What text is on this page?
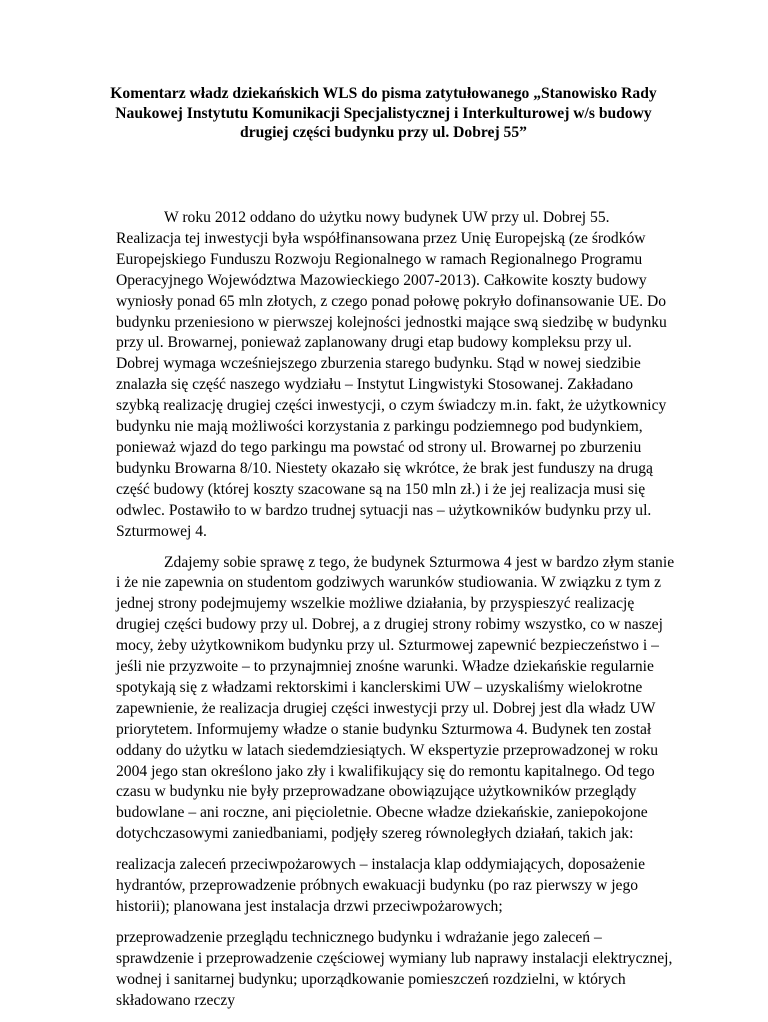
Komentarz władz dziekańskich WLS do pisma zatytułowanego „Stanowisko Rady Naukowej Instytutu Komunikacji Specjalistycznej i Interkulturowej w/s budowy drugiej części budynku przy ul. Dobrej 55”

W roku 2012 oddano do użytku nowy budynek UW przy ul. Dobrej 55. Realizacja tej inwestycji była współfinansowana przez Unię Europejską (ze środków Europejskiego Funduszu Rozwoju Regionalnego w ramach Regionalnego Programu Operacyjnego Województwa Mazowieckiego 2007-2013). Całkowite koszty budowy wyniosły ponad 65 mln złotych, z czego ponad połowę pokryło dofinansowanie UE. Do budynku przeniesiono w pierwszej kolejności jednostki mające swą siedzibę w budynku przy ul. Browarnej, ponieważ zaplanowany drugi etap budowy kompleksu przy ul. Dobrej wymaga wcześniejszego zburzenia starego budynku. Stąd w nowej siedzibie znalazła się część naszego wydziału – Instytut Lingwistyki Stosowanej. Zakładano szybką realizację drugiej części inwestycji, o czym świadczy m.in. fakt, że użytkownicy budynku nie mają możliwości korzystania z parkingu podziemnego pod budynkiem, ponieważ wjazd do tego parkingu ma powstać od strony ul. Browarnej po zburzeniu budynku Browarna 8/10. Niestety okazało się wkrótce, że brak jest funduszy na drugą część budowy (której koszty szacowane są na 150 mln zł.) i że jej realizacja musi się odwlec. Postawiło to w bardzo trudnej sytuacji nas – użytkowników budynku przy ul. Szturmowej 4.

Zdajemy sobie sprawę z tego, że budynek Szturmowa 4 jest w bardzo złym stanie i że nie zapewnia on studentom godziwych warunków studiowania. W związku z tym z jednej strony podejmujemy wszelkie możliwe działania, by przyspieszyć realizację drugiej części budowy przy ul. Dobrej, a z drugiej strony robimy wszystko, co w naszej mocy, żeby użytkownikom budynku przy ul. Szturmowej zapewnić bezpieczeństwo i – jeśli nie przyzwoite – to przynajmniej znośne warunki. Władze dziekańskie regularnie spotykają się z władzami rektorskimi i kanclerskimi UW – uzyskaliśmy wielokrotne zapewnienie, że realizacja drugiej części inwestycji przy ul. Dobrej jest dla władz UW priorytetem. Informujemy władze o stanie budynku Szturmowa 4. Budynek ten został oddany do użytku w latach siedemdziesiątych. W ekspertyzie przeprowadzonej w roku 2004 jego stan określono jako zły i kwalifikujący się do remontu kapitalnego. Od tego czasu w budynku nie były przeprowadzane obowiązujące użytkowników przeglądy budowlane – ani roczne, ani pięcioletnie. Obecne władze dziekańskie, zaniepokojone dotychczasowymi zaniedbaniami, podjęły szereg równoległych działań, takich jak:

realizacja zaleceń przeciwpożarowych – instalacja klap oddymiających, doposażenie hydrantów, przeprowadzenie próbnych ewakuacji budynku (po raz pierwszy w jego historii); planowana jest instalacja drzwi przeciwpożarowych;

przeprowadzenie przeglądu technicznego budynku i wdrażanie jego zaleceń – sprawdzenie i przeprowadzenie częściowej wymiany lub naprawy instalacji elektrycznej, wodnej i sanitarnej budynku; uporządkowanie pomieszczeń rozdzielni, w których składowano rzeczy
